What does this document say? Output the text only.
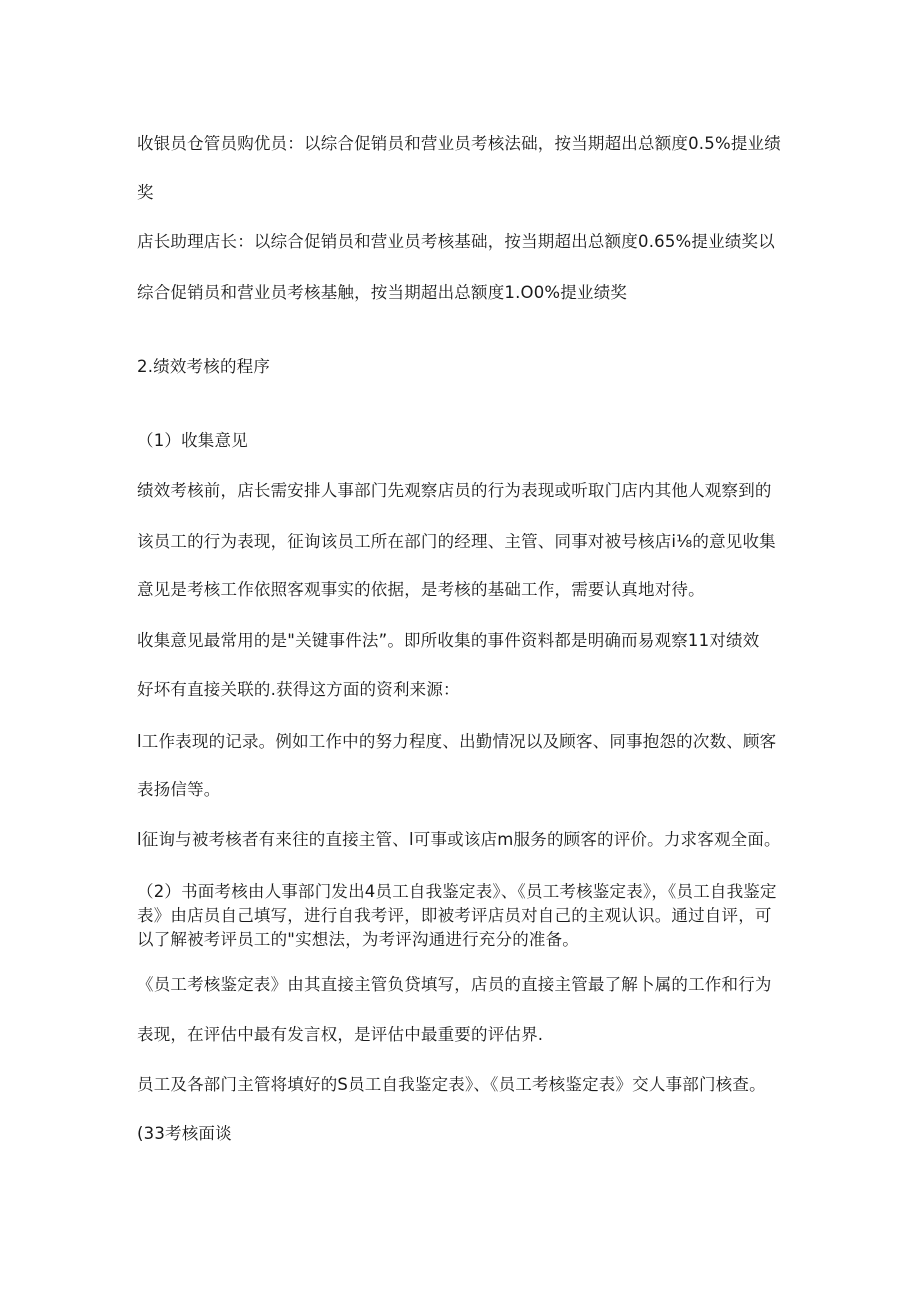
收银员仓管员购优员：以综合促销员和营业员考核法础，按当期超出总额度0.5%提业绩
奖
店长助理店长：以综合促销员和营业员考核基础，按当期超出总额度0.65%提业绩奖以
综合促销员和营业员考核基触，按当期超出总额度1.O0%提业绩奖
2.绩效考核的程序
（1）收集意见
绩效考核前，店长需安排人事部门先观察店员的行为表现或听取门店内其他人观察到的
该员工的行为表现，征询该员工所在部门的经理、主管、同事对被号核店i⅛的意见收集
意见是考核工作依照客观事实的依据，是考核的基础工作，需要认真地对待。
收集意见最常用的是"关键事件法”。即所收集的事件资料都是明确而易观察11对绩效
好坏有直接关联的.获得这方面的资利来源：
l工作表现的记录。例如工作中的努力程度、出勤情况以及顾客、同事抱怨的次数、顾客
表扬信等。
l征询与被考核者有来往的直接主管、l可事或该店m服务的顾客的评价。力求客观全面。
（2）书面考核由人事部门发出4员工自我鉴定表》、《员工考核鉴定表》，《员工自我鉴定表》由店员自己填写，进行自我考评，即被考评店员对自己的主观认识。通过自评，可以了解被考评员工的"实想法，为考评沟通进行充分的准备。
《员工考核鉴定表》由其直接主管负贷填写，店员的直接主管最了解卜属的工作和行为
表现，在评估中最有发言权，是评估中最重要的评估界.
员工及各部门主管将填好的S员工自我鉴定表》、《员工考核鉴定表》交人事部门核查。
(33考核面谈
